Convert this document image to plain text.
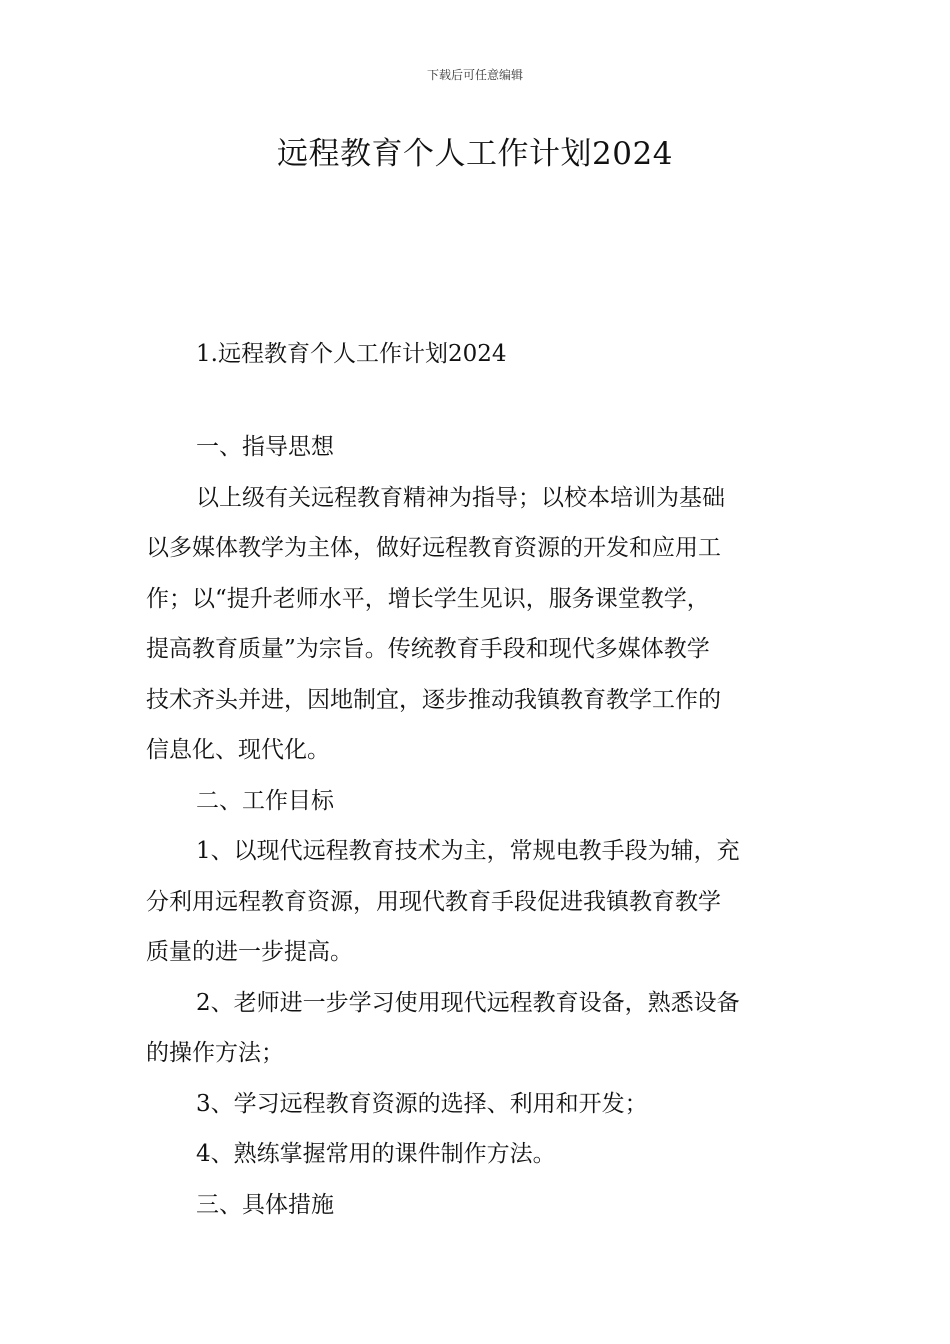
下载后可任意编辑
远程教育个人工作计划2024
1.远程教育个人工作计划2024
一、指导思想
以上级有关远程教育精神为指导；以校本培训为基础
以多媒体教学为主体，做好远程教育资源的开发和应用工
作；以“提升老师水平，增长学生见识，服务课堂教学，
提高教育质量”为宗旨。传统教育手段和现代多媒体教学
技术齐头并进，因地制宜，逐步推动我镇教育教学工作的
信息化、现代化。
二、工作目标
1、以现代远程教育技术为主，常规电教手段为辅，充
分利用远程教育资源，用现代教育手段促进我镇教育教学
质量的进一步提高。
2、老师进一步学习使用现代远程教育设备，熟悉设备
的操作方法；
3、学习远程教育资源的选择、利用和开发；
4、熟练掌握常用的课件制作方法。
三、具体措施
